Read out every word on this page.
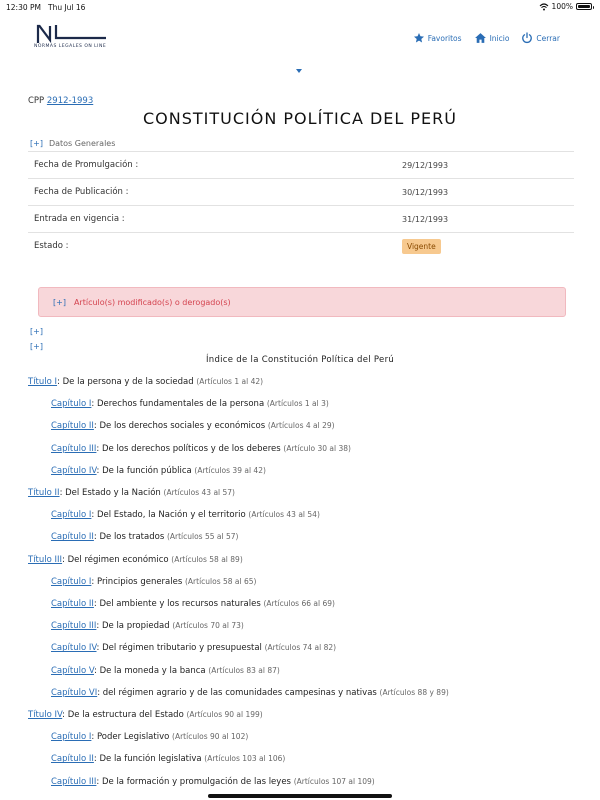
12:30 PM Thu Jul 16	100%
NORMAS LEGALES ON LINE
Favoritos	Inicio	Cerrar
CPP 2912-1993
CONSTITUCIÓN POLÍTICA DEL PERÚ
[+] Datos Generales
Fecha de Promulgación :	29/12/1993
Fecha de Publicación :	30/12/1993
Entrada en vigencia :	31/12/1993
Estado :	Vigente
[+] Artículo(s) modificado(s) o derogado(s)
[+]
[+]
Índice de la Constitución Política del Perú
Título I: De la persona y de la sociedad (Artículos 1 al 42)
Capítulo I: Derechos fundamentales de la persona (Artículos 1 al 3)
Capítulo II: De los derechos sociales y económicos (Artículos 4 al 29)
Capítulo III: De los derechos políticos y de los deberes (Artículo 30 al 38)
Capítulo IV: De la función pública (Artículos 39 al 42)
Título II: Del Estado y la Nación (Artículos 43 al 57)
Capítulo I: Del Estado, la Nación y el territorio (Artículos 43 al 54)
Capítulo II: De los tratados (Artículos 55 al 57)
Título III: Del régimen económico (Artículos 58 al 89)
Capítulo I: Principios generales (Artículos 58 al 65)
Capítulo II: Del ambiente y los recursos naturales (Artículos 66 al 69)
Capítulo III: De la propiedad (Artículos 70 al 73)
Capítulo IV: Del régimen tributario y presupuestal (Artículos 74 al 82)
Capítulo V: De la moneda y la banca (Artículos 83 al 87)
Capítulo VI: del régimen agrario y de las comunidades campesinas y nativas (Artículos 88 y 89)
Título IV: De la estructura del Estado (Artículos 90 al 199)
Capítulo I: Poder Legislativo (Artículos 90 al 102)
Capítulo II: De la función legislativa (Artículos 103 al 106)
Capítulo III: De la formación y promulgación de las leyes (Artículos 107 al 109)
